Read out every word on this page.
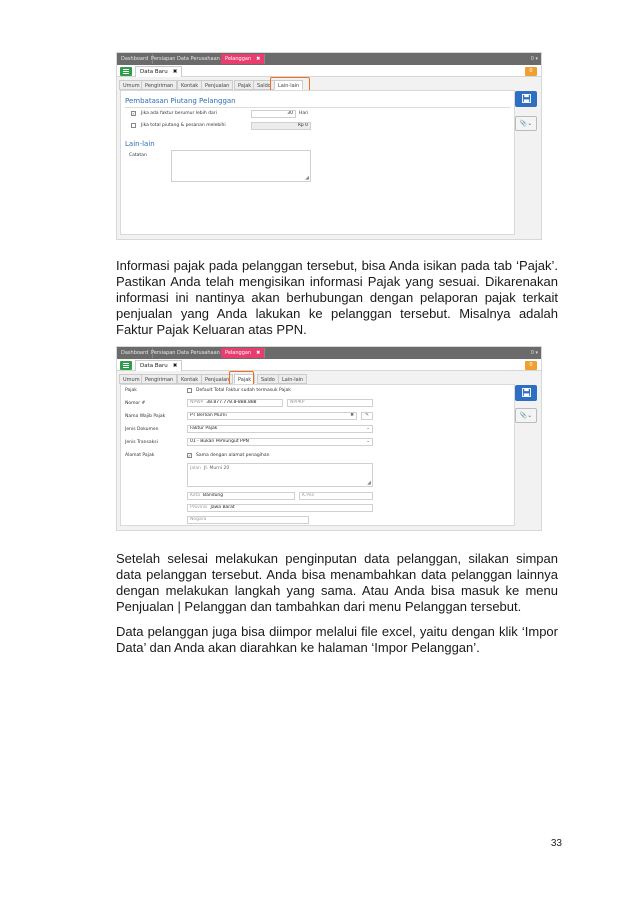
Dashboard Persiapan Data Perusahaan	Pelanggan ✖	0 ▾
Data Baru ✖	0
Umum	Pengiriman	Kontak	Penjualan	Pajak	Saldo	Lain-lain
Pembatasan Piutang Pelanggan
✓ Jika ada faktur berumur lebih dari	30	Hari
Jika total piutang & pesanan melebihi	Rp 0
Lain-lain
Catatan
◢
📎⌄

Informasi pajak pada pelanggan tersebut, bisa Anda isikan pada tab ‘Pajak’. Pastikan Anda telah mengisikan informasi Pajak yang sesuai. Dikarenakan informasi ini nantinya akan berhubungan dengan pelaporan pajak terkait penjualan yang Anda lakukan ke pelanggan tersebut. Misalnya adalah Faktur Pajak Keluaran atas PPN.

Dashboard Persiapan Data Perusahaan	Pelanggan ✖	0 ▾
Data Baru ✖	0
Umum	Pengiriman	Kontak	Penjualan	Pajak	Saldo	Lain-lain
Pajak	Default Total Faktur sudah termasuk Pajak
Nomor #	NPWP 38.877.778.8-888.888	NPPKP
Nama Wajib Pajak	PT Berlian Murni	✖	✎
Jenis Dokumen	Faktur Pajak	⌄
Jenis Transaksi	01 - Bukan Pemungut PPN	⌄
Alamat Pajak	✓ Sama dengan alamat penagihan
Jalan Jl. Murni 20
◢
Kota Bandung	K.Pos
Provinsi Jawa Barat
Negara
📎⌄

Setelah selesai melakukan penginputan data pelanggan, silakan simpan data pelanggan tersebut. Anda bisa menambahkan data pelanggan lainnya dengan melakukan langkah yang sama. Atau Anda bisa masuk ke menu Penjualan | Pelanggan dan tambahkan dari menu Pelanggan tersebut.

Data pelanggan juga bisa diimpor melalui file excel, yaitu dengan klik ‘Impor Data’ dan Anda akan diarahkan ke halaman ‘Impor Pelanggan’.

33
